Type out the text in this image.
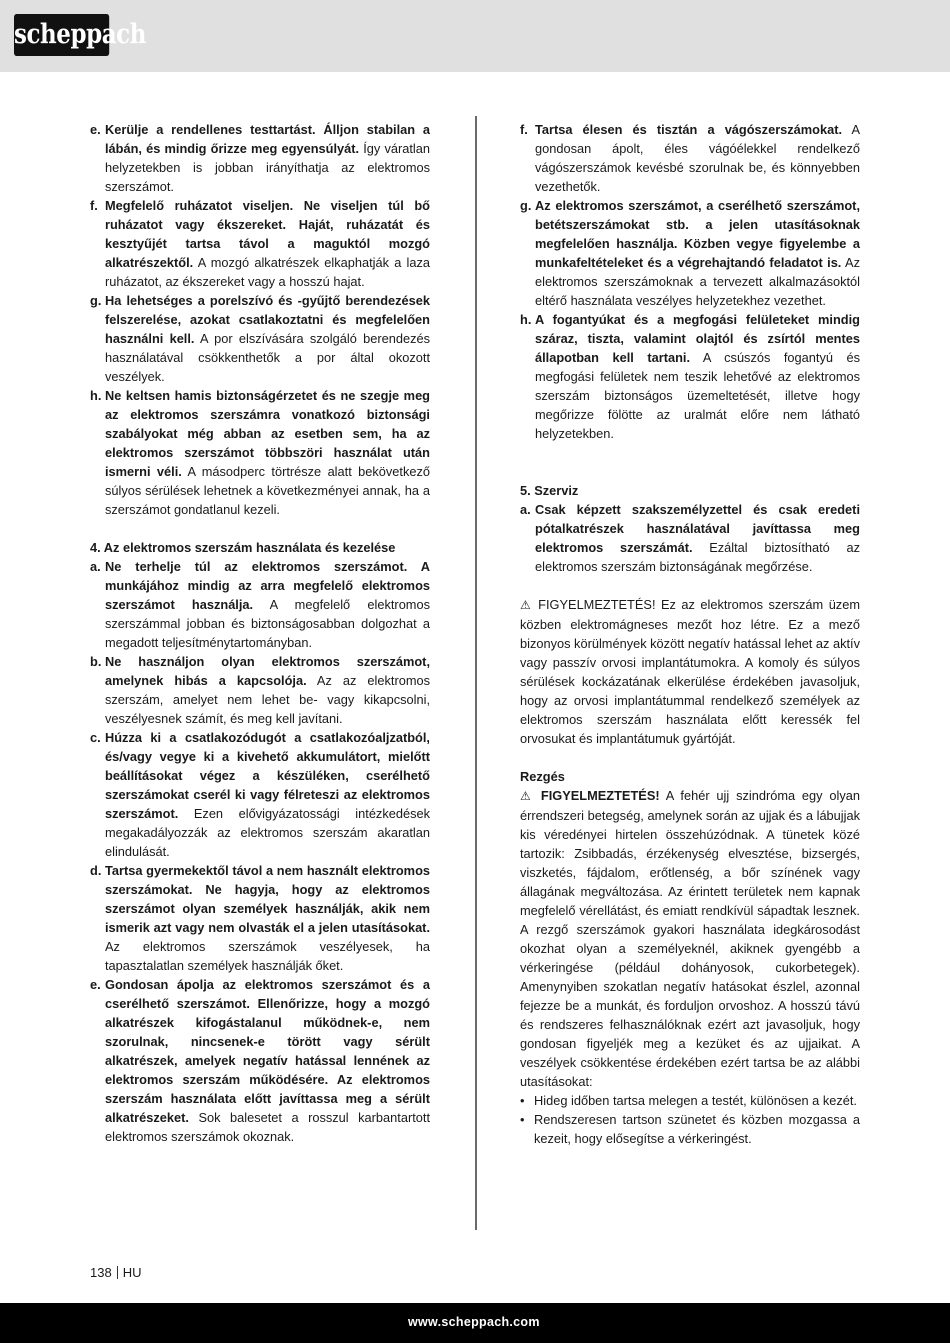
scheppach
e. Kerülje a rendellenes testtartást. Álljon stabilan a lábán, és mindig őrizze meg egyensúlyát. Így váratlan helyzetekben is jobban irányíthatja az elektromos szerszámot.
f. Megfelelő ruházatot viseljen. Ne viseljen túl bő ruházatot vagy ékszereket. Haját, ruházatát és kesztyűjét tartsa távol a maguktól mozgó alkatrészektől. A mozgó alkatrészek elkaphatják a laza ruházatot, az ékszereket vagy a hosszú hajat.
g. Ha lehetséges a porelszívó és -gyűjtő berendezések felszerelése, azokat csatlakoztatni és megfelelően használni kell. A por elszívására szolgáló berendezés használatával csökkenthetők a por által okozott veszélyek.
h. Ne keltsen hamis biztonságérzetet és ne szegje meg az elektromos szerszámra vonatkozó biztonsági szabályokat még abban az esetben sem, ha az elektromos szerszámot többszöri használat után ismerni véli. A másodperc törtrésze alatt bekövetkező súlyos sérülések lehetnek a következményei annak, ha a szerszámot gondatlanul kezeli.
4. Az elektromos szerszám használata és kezelése
a. Ne terhelje túl az elektromos szerszámot. A munkájához mindig az arra megfelelő elektromos szerszámot használja. A megfelelő elektromos szerszámmal jobban és biztonságosabban dolgozhat a megadott teljesítménytartományban.
b. Ne használjon olyan elektromos szerszámot, amelynek hibás a kapcsolója. Az az elektromos szerszám, amelyet nem lehet be- vagy kikapcsolni, veszélyesnek számít, és meg kell javítani.
c. Húzza ki a csatlakozódugót a csatlakozóaljzatból, és/vagy vegye ki a kivehető akkumulátort, mielőtt beállításokat végez a készüléken, cserélhető szerszámokat cserél ki vagy félreteszi az elektromos szerszámot. Ezen elővigyázatossági intézkedések megakadályozzák az elektromos szerszám akaratlan elindulását.
d. Tartsa gyermekektől távol a nem használt elektromos szerszámokat. Ne hagyja, hogy az elektromos szerszámot olyan személyek használják, akik nem ismerik azt vagy nem olvasták el a jelen utasításokat. Az elektromos szerszámok veszélyesek, ha tapasztalatlan személyek használják őket.
e. Gondosan ápolja az elektromos szerszámot és a cserélhető szerszámot. Ellenőrizze, hogy a mozgó alkatrészek kifogástalanul működnek-e, nem szorulnak, nincsenek-e törött vagy sérült alkatrészek, amelyek negatív hatással lennének az elektromos szerszám működésére. Az elektromos szerszám használata előtt javíttassa meg a sérült alkatrészeket. Sok balesetet a rosszul karbantartott elektromos szerszámok okoznak.
f. Tartsa élesen és tisztán a vágószerszámokat. A gondosan ápolt, éles vágóélekkel rendelkező vágószerszámok kevésbé szorulnak be, és könnyebben vezethetők.
g. Az elektromos szerszámot, a cserélhető szerszámot, betétszerszámokat stb. a jelen utasításoknak megfelelően használja. Közben vegye figyelembe a munkafeltételeket és a végrehajtandó feladatot is. Az elektromos szerszámoknak a tervezett alkalmazásoktól eltérő használata veszélyes helyzetekhez vezethet.
h. A fogantyúkat és a megfogási felületeket mindig száraz, tiszta, valamint olajtól és zsírtól mentes állapotban kell tartani. A csúszós fogantyú és megfogási felületek nem teszik lehetővé az elektromos szerszám biztonságos üzemeltetését, illetve hogy megőrizze fölötte az uralmát előre nem látható helyzetekben.
5. Szerviz
a. Csak képzett szakszemélyzettel és csak eredeti pótalkatrészek használatával javíttassa meg elektromos szerszámát. Ezáltal biztosítható az elektromos szerszám biztonságának megőrzése.

⚠ FIGYELMEZTETÉS! Ez az elektromos szerszám üzem közben elektromágneses mezőt hoz létre. Ez a mező bizonyos körülmények között negatív hatással lehet az aktív vagy passzív orvosi implantátumokra. A komoly és súlyos sérülések kockázatának elkerülése érdekében javasoljuk, hogy az orvosi implantátummal rendelkező személyek az elektromos szerszám használata előtt keressék fel orvosukat és implantátumuk gyártóját.

Rezgés

⚠ FIGYELMEZTETÉS! A fehér ujj szindróma egy olyan érrendszeri betegség, amelynek során az ujjak és a lábujjak kis véredényei hirtelen összehúzódnak. A tünetek közé tartozik: Zsibbadás, érzékenység elvesztése, bizsergés, viszketés, fájdalom, erőtlenség, a bőr színének vagy állagának megváltozása. Az érintett területek nem kapnak megfelelő vérellátást, és emiatt rendkívül sápadtak lesznek. A rezgő szerszámok gyakori használata idegkárosodást okozhat olyan a személyeknél, akiknek gyengébb a vérkeringése (például dohányosok, cukorbetegek). Amenynyiben szokatlan negatív hatásokat észlel, azonnal fejezze be a munkát, és forduljon orvoshoz. A hosszú távú és rendszeres felhasználóknak ezért azt javasoljuk, hogy gondosan figyeljék meg a kezüket és az ujjaikat. A veszélyek csökkentése érdekében ezért tartsa be az alábbi utasításokat:

• Hideg időben tartsa melegen a testét, különösen a kezét.
• Rendszeresen tartson szünetet és közben mozgassa a kezeit, hogy elősegítse a vérkeringést.
138 HU
www.scheppach.com
